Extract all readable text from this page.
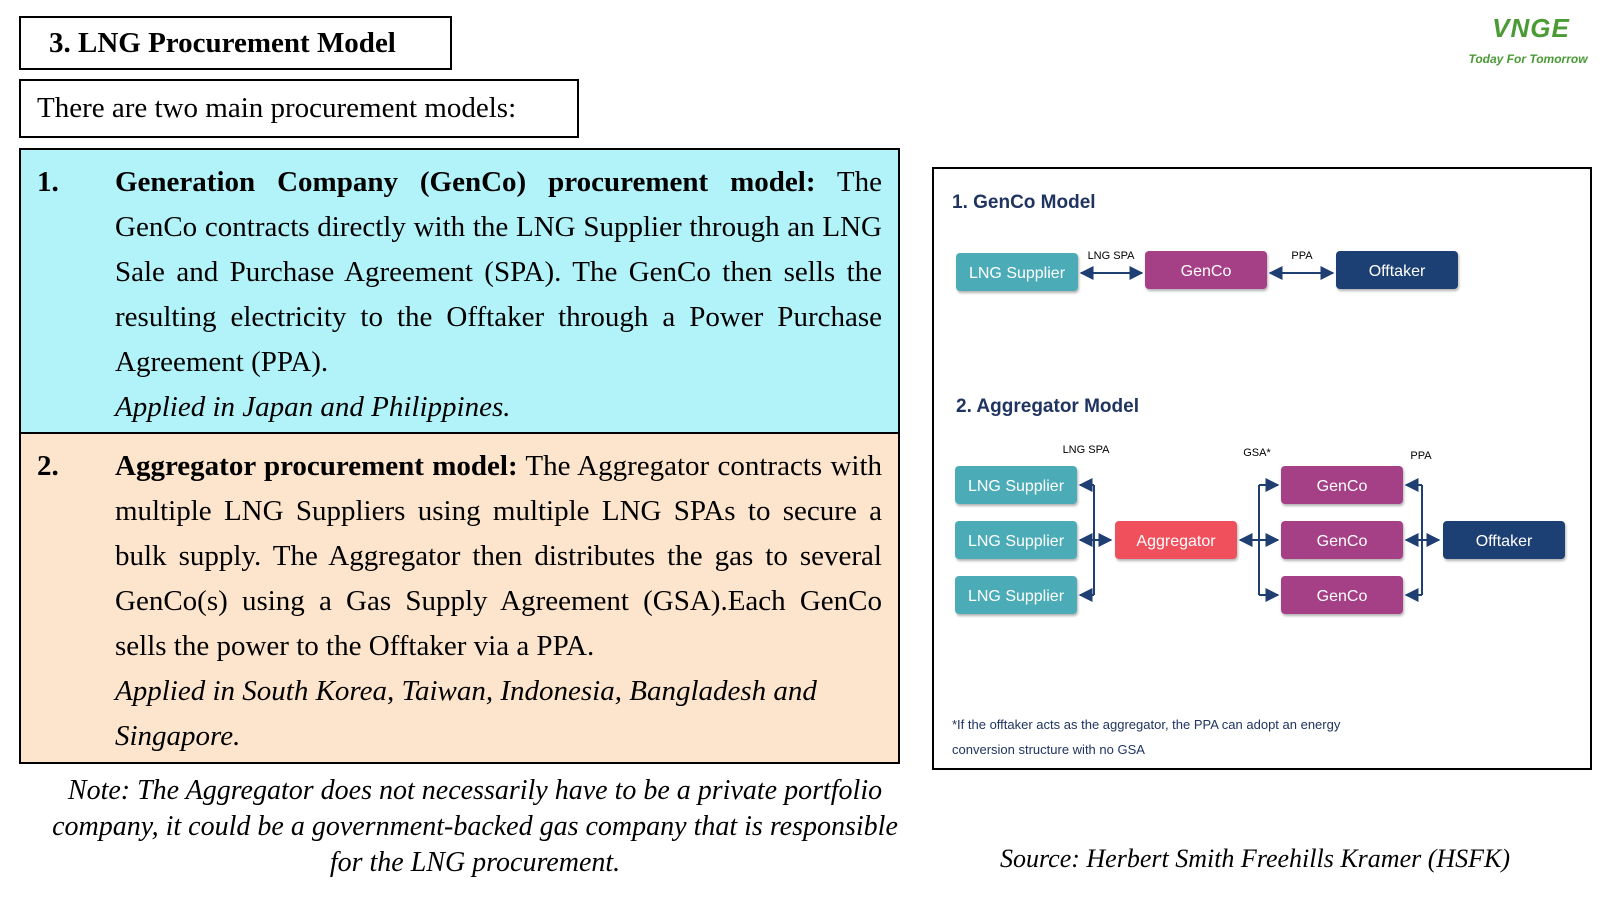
3. LNG Procurement Model
There are two main procurement models:
VNGE
Today For Tomorrow
1. Generation Company (GenCo) procurement model: The GenCo contracts directly with the LNG Supplier through an LNG Sale and Purchase Agreement (SPA). The GenCo then sells the resulting electricity to the Offtaker through a Power Purchase Agreement (PPA).
Applied in Japan and Philippines.
2. Aggregator procurement model: The Aggregator contracts with multiple LNG Suppliers using multiple LNG SPAs to secure a bulk supply. The Aggregator then distributes the gas to several GenCo(s) using a Gas Supply Agreement (GSA).Each GenCo sells the power to the Offtaker via a PPA.
Applied in South Korea, Taiwan, Indonesia, Bangladesh and Singapore.
Note: The Aggregator does not necessarily have to be a private portfolio company, it could be a government-backed gas company that is responsible for the LNG procurement.	Source: Herbert Smith Freehills Kramer (HSFK)
1. GenCo Model
LNG Supplier	GenCo	Offtaker
LNG SPA	PPA
2. Aggregator Model
LNG SPA	GSA*	PPA
LNG Supplier
LNG Supplier
LNG Supplier
Aggregator
GenCo
GenCo
GenCo
Offtaker
*If the offtaker acts as the aggregator, the PPA can adopt an energy
conversion structure with no GSA
